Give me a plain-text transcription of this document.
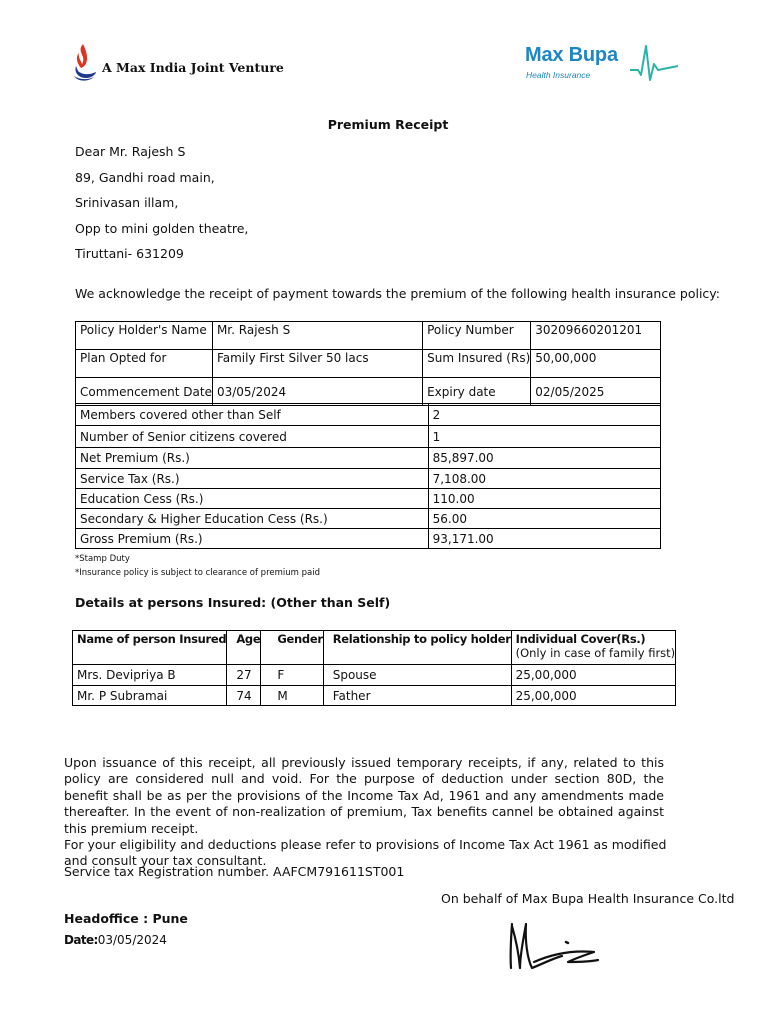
A Max India Joint Venture
Max Bupa
Health Insurance
Premium Receipt
Dear Mr. Rajesh S
89, Gandhi road main,
Srinivasan illam,
Opp to mini golden theatre,
Tiruttani- 631209
We acknowledge the receipt of payment towards the premium of the following health insurance policy:
Policy Holder's Name	Mr. Rajesh S	Policy Number	30209660201201
Plan Opted for	Family First Silver 50 lacs	Sum Insured (Rs)	50,00,000
Commencement Date	03/05/2024	Expiry date	02/05/2025
Members covered other than Self	2
Number of Senior citizens covered	1
Net Premium (Rs.)	85,897.00
Service Tax (Rs.)	7,108.00
Education Cess (Rs.)	110.00
Secondary & Higher Education Cess (Rs.)	56.00
Gross Premium (Rs.)	93,171.00
*Stamp Duty
*Insurance policy is subject to clearance of premium paid
Details at persons Insured: (Other than Self)
Name of person Insured	Age	Gender	Relationship to policy holder	Individual Cover(Rs.)
(Only in case of family first)

Mrs. Devipriya B	27	F	Spouse	25,00,000
Mr. P Subramai	74	M	Father	25,00,000

Upon issuance of this receipt, all previously issued temporary receipts, if any, related to this policy are considered null and void. For the purpose of deduction under section 80D, the benefit shall be as per the provisions of the Income Tax Ad, 1961 and any amendments made thereafter. In the event of non-realization of premium, Tax benefits cannel be obtained against this premium receipt.

For your eligibility and deductions please refer to provisions of Income Tax Act 1961 as modified

and consult your tax consultant.

Service tax Registration number. AAFCM791611ST001
On behalf of Max Bupa Health Insurance Co.ltd
Headoffice : Pune
Date:03/05/2024
